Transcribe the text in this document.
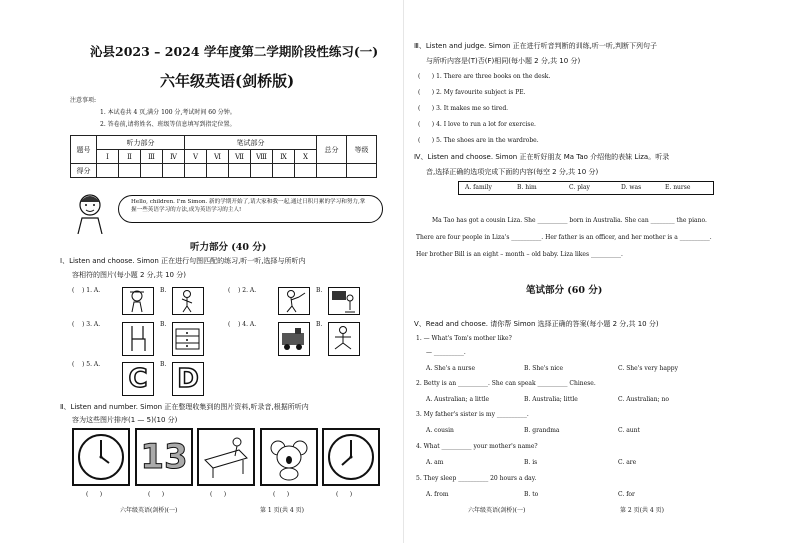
沁县2023 – 2024 学年度第二学期阶段性练习(一)
六年级英语(剑桥版)
注意事项:
1. 本试卷共 4 页,满分 100 分,考试时间 60 分钟。
2. 答卷前,请将姓名、班级等信息填写到指定位置。
题号	听力部分				笔试部分						总分	等级
	Ⅰ	Ⅱ	Ⅲ	Ⅳ	Ⅴ	Ⅵ	Ⅶ	Ⅷ	Ⅸ	Ⅹ		
得分												
Hello, children. I'm Simon. 新的学期开始了,请大家和我一起,通过日积月累的学习和努力,掌握一些英语学习的方法,成为英语学习的主人!
听力部分 (40 分)
Ⅰ、Listen and choose. Simon 正在进行句图匹配的练习,听一听,选择与所听内
容相符的图片(每小题 2 分,共 10 分)
( ) 1. A.	B.	( ) 2. A.	B.
( ) 3. A.	B.	( ) 4. A.	B.
( ) 5. A. C	B. D
Ⅱ、Listen and number. Simon 正在整理收集到的图片资料,听录音,根据所听内
容为这些图片排序(1 — 5)(10 分)
13
( )	( )	( )	( )	( )
六年级英语(剑桥)(一)	第 1 页(共 4 页)
Ⅲ、Listen and judge. Simon 正在进行听音判断的训练,听一听,判断下列句子
与所听内容是(T)否(F)相同(每小题 2 分,共 10 分)
( ) 1. There are three books on the desk.
( ) 2. My favourite subject is PE.
( ) 3. It makes me so tired.
( ) 4. I love to run a lot for exercise.
( ) 5. The shoes are in the wardrobe.
Ⅳ、Listen and choose. Simon 正在听好朋友 Ma Tao 介绍他的表妹 Liza。听录
音,选择正确的选项完成下面的内容(每空 2 分,共 10 分)
A. family	B. him	C. play	D. was	E. nurse
Ma Tao has got a cousin Liza. She __________ born in Australia. She can ________ the piano.
There are four people in Liza's __________. Her father is an officer, and her mother is a __________.
Her brother Bill is an eight – month – old baby. Liza likes __________.
笔试部分 (60 分)
Ⅴ、Read and choose. 请你帮 Simon 选择正确的答案(每小题 2 分,共 10 分)
1. — What's Tom's mother like?
— __________.
A. She's a nurse	B. She's nice	C. She's very happy
2. Betty is an __________. She can speak __________ Chinese.
A. Australian; a little	B. Australia; little	C. Australian; no
3. My father's sister is my __________.
A. cousin	B. grandma	C. aunt
4. What __________ your mother's name?
A. am	B. is	C. are
5. They sleep __________ 20 hours a day.
A. from	B. to	C. for
六年级英语(剑桥)(一)	第 2 页(共 4 页)
